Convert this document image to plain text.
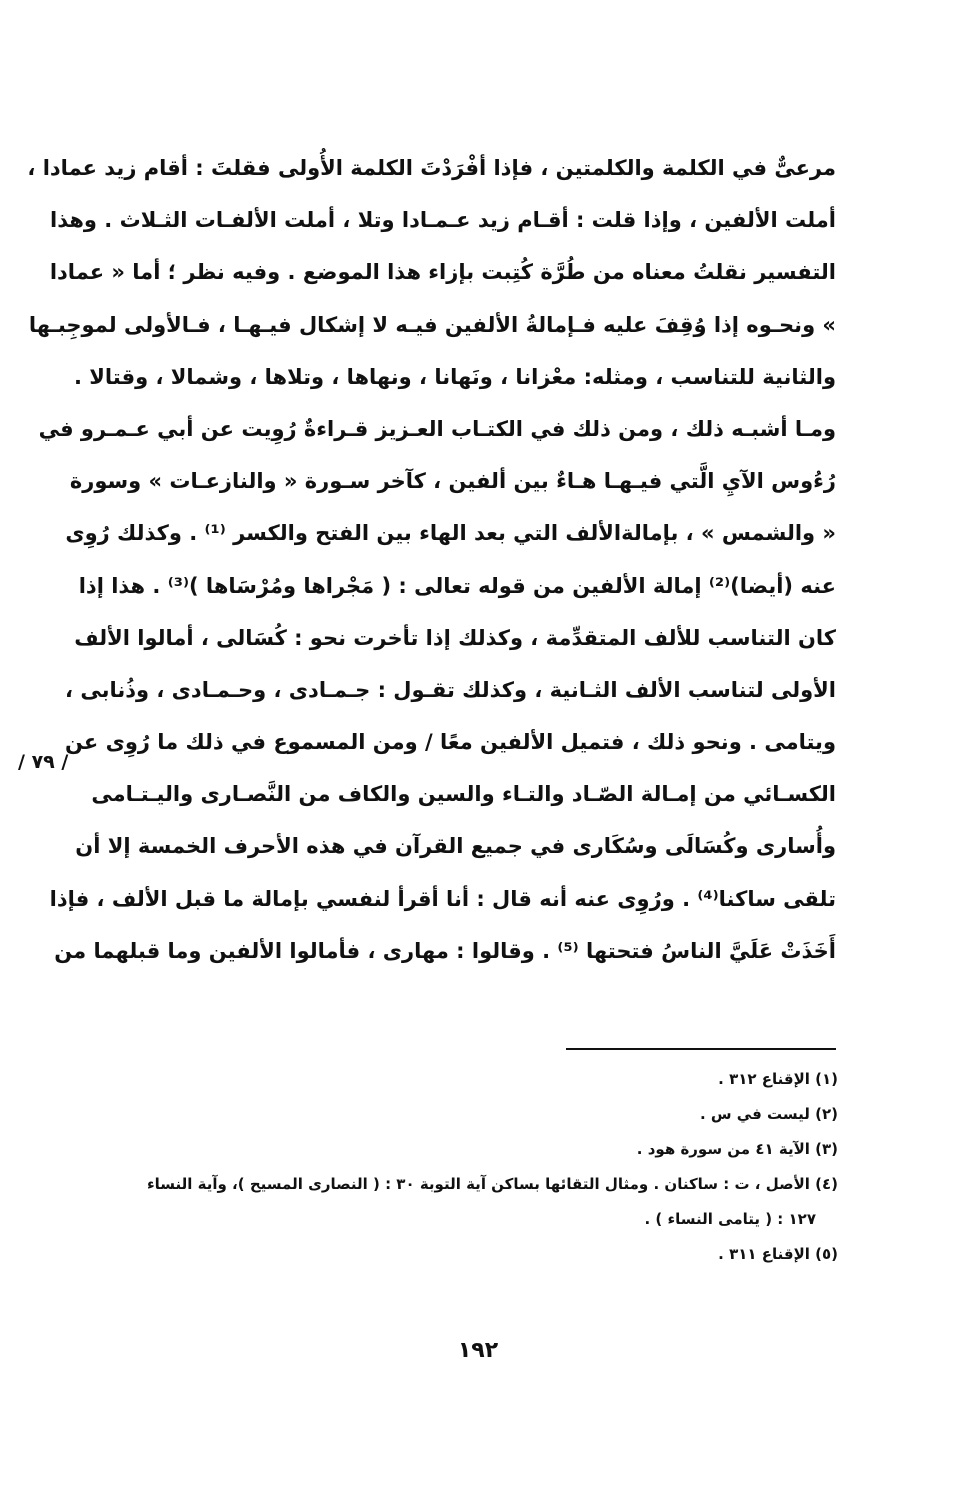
مرعىٌّ في الكلمة والكلمتين ، فإذا أفْرَدْتَ الكلمة الأُولى فقلتَ : أقام زيد عمادا ،
أملت الألفين ، وإذا قلت : أقـام زيد عـمـادا وتلا ، أملت الألفـات الثـلاث . وهذا
التفسير نقلتُ معناه من طُرَّة كُتِبت بإزاء هذا الموضع . وفيه نظر ؛ أما « عمادا
» ونحـوه إذا وُقِفَ عليه فـإمالةُ الألفين فيـه لا إشكال فيـهـا ، فـالأولى لموجِبـها
والثانية للتناسب ، ومثله: معْزانا ، ونَهانا ، ونهاها ، وتلاها ، وشمالا ، وقتالا .
ومـا أشبـه ذلك ، ومن ذلك في الكتـاب العـزيز قـراءةٌ رُوِيت عن أبي عـمـرو في
رُءُوس الآيِ الَّتي فيـهـا هـاءٌ بين ألفين ، كآخر سـورة « والنازعـات » وسورة
« والشمس » ، بإمالةالألف التي بعد الهاء بين الفتح والكسر ⁽¹⁾ . وكذلك رُوِى
عنه (أيضا)⁽²⁾ إمالة الألفين من قوله تعالى : ( مَجْراها ومُرْسَاها )⁽³⁾ . هذا إذا
كان التناسب للألف المتقدِّمة ، وكذلك إذا تأخرت نحو : كُسَالى ، أمالوا الألف
الأولى لتناسب الألف الثـانية ، وكذلك تقـول : جـمـادى ، وحـمـادى ، وذُنابى ،
ويتامى . ونحو ذلك ، فتميل الألفين معًا / ومن المسموع في ذلك ما رُوِى عن
الكسـائي من إمـالة الصّـاد والتـاء والسين والكاف من النَّصـارى واليـتـامى
وأُسارى وكُسَالَى وسُكَارى في جميع القرآن في هذه الأحرف الخمسة إلا أن
تلقى ساكنا⁽⁴⁾ . ورُوِى عنه أنه قال : أنا أقرأ لنفسي بإمالة ما قبل الألف ، فإذا
أَخَذَتْ عَلَيَّ الناسُ فتحتها ⁽⁵⁾ . وقالوا : مهارى ، فأمالوا الألفين وما قبلهما من
/ ٧٩ /
(١) الإقناع ٣١٢ .
(٢) ليست في س .
(٣) الآية ٤١ من سورة هود .
(٤) الأصل ، ت : ساكنان . ومثال التقائها بساكن آية التوبة ٣٠ : ( النصارى المسيح )، وآية النساء
١٢٧ : ( يتامى النساء ) .
(٥) الإقناع ٣١١ .
١٩٢
